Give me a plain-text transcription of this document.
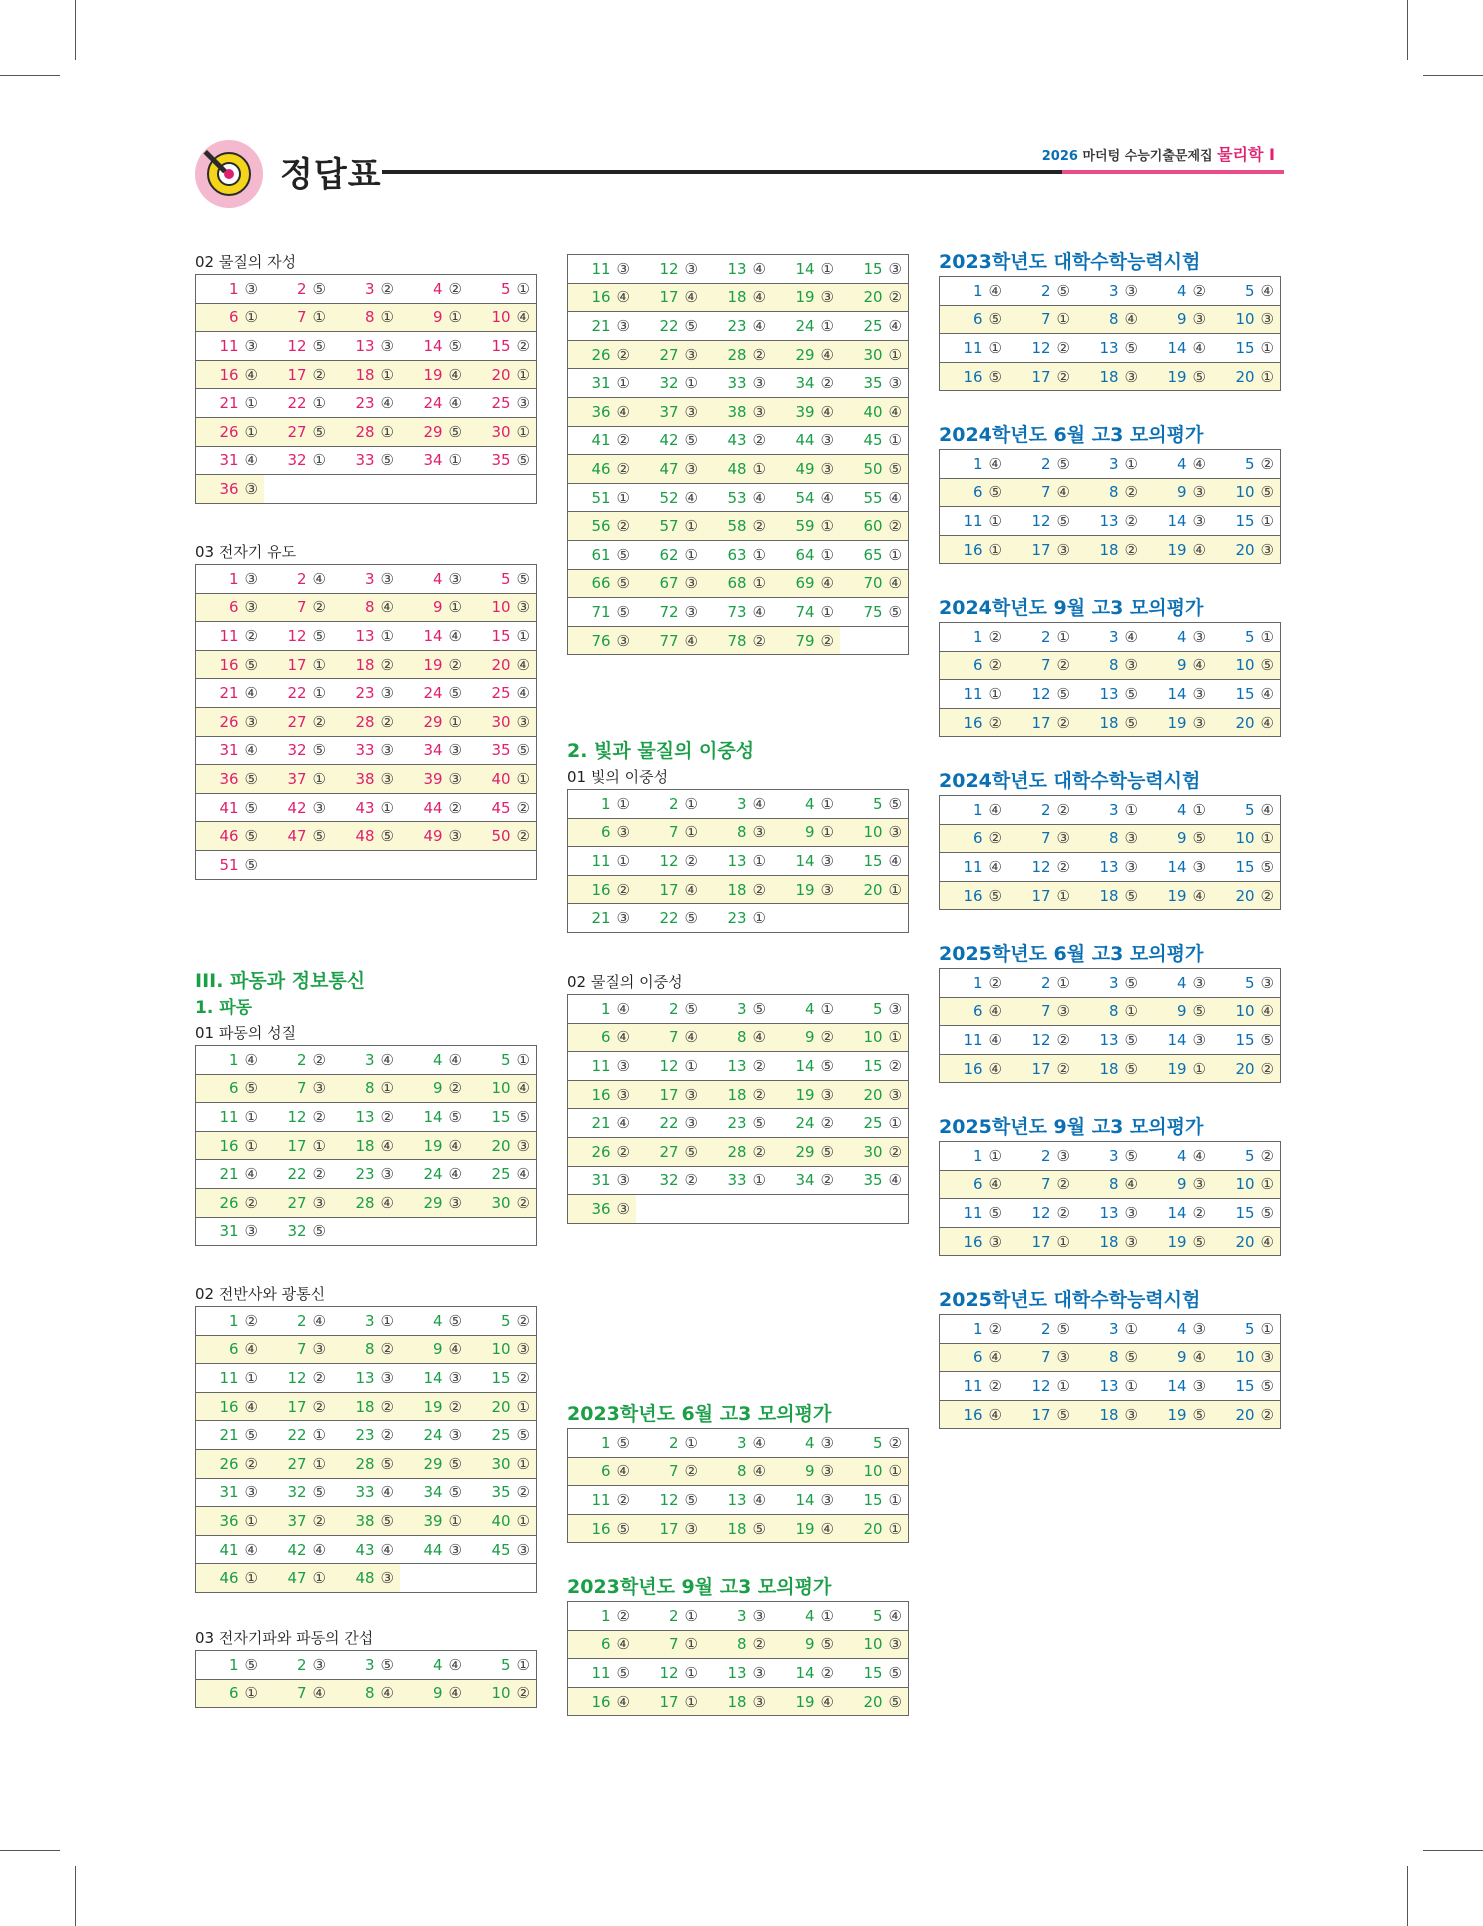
정답표	2026 마더텅 수능기출문제집 물리학 Ⅰ
02 물질의 자성
1 ③	2 ⑤	3 ②	4 ②	5 ①
6 ①	7 ①	8 ①	9 ① 10 ④
11 ③ 12 ⑤ 13 ③ 14 ⑤ 15 ②
16 ④ 17 ② 18 ① 19 ④ 20 ①
21 ① 22 ① 23 ④ 24 ④ 25 ③
26 ① 27 ⑤ 28 ① 29 ⑤ 30 ①
31 ④ 32 ① 33 ⑤ 34 ① 35 ⑤
36 ③
03 전자기 유도
1 ③	2 ④	3 ③	4 ③	5 ⑤
6 ③	7 ②	8 ④	9 ① 10 ③
11 ② 12 ⑤ 13 ① 14 ④ 15 ①
16 ⑤ 17 ① 18 ② 19 ② 20 ④
21 ④ 22 ① 23 ③ 24 ⑤ 25 ④
26 ③ 27 ② 28 ② 29 ① 30 ③
31 ④ 32 ⑤ 33 ③ 34 ③ 35 ⑤
36 ⑤ 37 ① 38 ③ 39 ③ 40 ①
41 ⑤ 42 ③ 43 ① 44 ② 45 ②
46 ⑤ 47 ⑤ 48 ⑤ 49 ③ 50 ②
51 ⑤
III. 파동과 정보통신
1. 파동
01 파동의 성질
1 ④	2 ②	3 ④	4 ④	5 ①
6 ⑤	7 ③	8 ①	9 ② 10 ④
11 ① 12 ② 13 ② 14 ⑤ 15 ⑤
16 ① 17 ① 18 ④ 19 ④ 20 ③
21 ④ 22 ② 23 ③ 24 ④ 25 ④
26 ② 27 ③ 28 ④ 29 ③ 30 ②
31 ③ 32 ⑤
02 전반사와 광통신
1 ②	2 ④	3 ①	4 ⑤	5 ②
6 ④	7 ③	8 ②	9 ④ 10 ③
11 ① 12 ② 13 ③ 14 ③ 15 ②
16 ④ 17 ② 18 ② 19 ② 20 ①
21 ⑤ 22 ① 23 ② 24 ③ 25 ⑤
26 ② 27 ① 28 ⑤ 29 ⑤ 30 ①
31 ③ 32 ⑤ 33 ④ 34 ⑤ 35 ②
36 ① 37 ② 38 ⑤ 39 ① 40 ①
41 ④ 42 ④ 43 ④ 44 ③ 45 ③
46 ① 47 ① 48 ③
03 전자기파와 파동의 간섭
1 ⑤	2 ③	3 ⑤	4 ④	5 ①
6 ①	7 ④	8 ④	9 ④ 10 ②
11 ③ 12 ③ 13 ④ 14 ① 15 ③
16 ④ 17 ④ 18 ④ 19 ③ 20 ②
21 ③ 22 ⑤ 23 ④ 24 ① 25 ④
26 ② 27 ③ 28 ② 29 ④ 30 ①
31 ① 32 ① 33 ③ 34 ② 35 ③
36 ④ 37 ③ 38 ③ 39 ④ 40 ④
41 ② 42 ⑤ 43 ② 44 ③ 45 ①
46 ② 47 ③ 48 ① 49 ③ 50 ⑤
51 ① 52 ④ 53 ④ 54 ④ 55 ④
56 ② 57 ① 58 ② 59 ① 60 ②
61 ⑤ 62 ① 63 ① 64 ① 65 ①
66 ⑤ 67 ③ 68 ① 69 ④ 70 ④
71 ⑤ 72 ③ 73 ④ 74 ① 75 ⑤
76 ③ 77 ④ 78 ② 79 ②
2. 빛과 물질의 이중성
01 빛의 이중성
1 ①	2 ①	3 ④	4 ①	5 ⑤
6 ③	7 ①	8 ③	9 ① 10 ③
11 ① 12 ② 13 ① 14 ③ 15 ④
16 ② 17 ④ 18 ② 19 ③ 20 ①
21 ③ 22 ⑤ 23 ①
02 물질의 이중성
1 ④	2 ⑤	3 ⑤	4 ①	5 ③
6 ④	7 ④	8 ④	9 ② 10 ①
11 ③ 12 ① 13 ② 14 ⑤ 15 ②
16 ③ 17 ③ 18 ② 19 ③ 20 ③
21 ④ 22 ③ 23 ⑤ 24 ② 25 ①
26 ② 27 ⑤ 28 ② 29 ⑤ 30 ②
31 ③ 32 ② 33 ① 34 ② 35 ④
36 ③
2023학년도 6월 고3 모의평가
1 ⑤	2 ①	3 ④	4 ③	5 ②
6 ④	7 ②	8 ④	9 ③ 10 ①
11 ② 12 ⑤ 13 ④ 14 ③ 15 ①
16 ⑤ 17 ③ 18 ⑤ 19 ④ 20 ①
2023학년도 9월 고3 모의평가
1 ②	2 ①	3 ③	4 ①	5 ④
6 ④	7 ①	8 ②	9 ⑤ 10 ③
11 ⑤ 12 ① 13 ③ 14 ② 15 ⑤
16 ④ 17 ① 18 ③ 19 ④ 20 ⑤
2023학년도 대학수학능력시험
1 ④	2 ⑤	3 ③	4 ②	5 ④
6 ⑤	7 ①	8 ④	9 ③ 10 ③
11 ① 12 ② 13 ⑤ 14 ④ 15 ①
16 ⑤ 17 ② 18 ③ 19 ⑤ 20 ①
2024학년도 6월 고3 모의평가
1 ④	2 ⑤	3 ①	4 ④	5 ②
6 ⑤	7 ④	8 ②	9 ③ 10 ⑤
11 ① 12 ⑤ 13 ② 14 ③ 15 ①
16 ① 17 ③ 18 ② 19 ④ 20 ③
2024학년도 9월 고3 모의평가
1 ②	2 ①	3 ④	4 ③	5 ①
6 ②	7 ②	8 ③	9 ④ 10 ⑤
11 ① 12 ⑤ 13 ⑤ 14 ③ 15 ④
16 ② 17 ② 18 ⑤ 19 ③ 20 ④
2024학년도 대학수학능력시험
1 ④	2 ②	3 ①	4 ①	5 ④
6 ②	7 ③	8 ③	9 ⑤ 10 ①
11 ④ 12 ② 13 ③ 14 ③ 15 ⑤
16 ⑤ 17 ① 18 ⑤ 19 ④ 20 ②
2025학년도 6월 고3 모의평가
1 ②	2 ①	3 ⑤	4 ③	5 ③
6 ④	7 ③	8 ①	9 ⑤ 10 ④
11 ④ 12 ② 13 ⑤ 14 ③ 15 ⑤
16 ④ 17 ② 18 ⑤ 19 ① 20 ②
2025학년도 9월 고3 모의평가
1 ①	2 ③	3 ⑤	4 ④	5 ②
6 ④	7 ②	8 ④	9 ③ 10 ①
11 ⑤ 12 ② 13 ③ 14 ② 15 ⑤
16 ③ 17 ① 18 ③ 19 ⑤ 20 ④
2025학년도 대학수학능력시험
1 ②	2 ⑤	3 ①	4 ③	5 ①
6 ④	7 ③	8 ⑤	9 ④ 10 ③
11 ② 12 ① 13 ① 14 ③ 15 ⑤
16 ④ 17 ⑤ 18 ③ 19 ⑤ 20 ②
